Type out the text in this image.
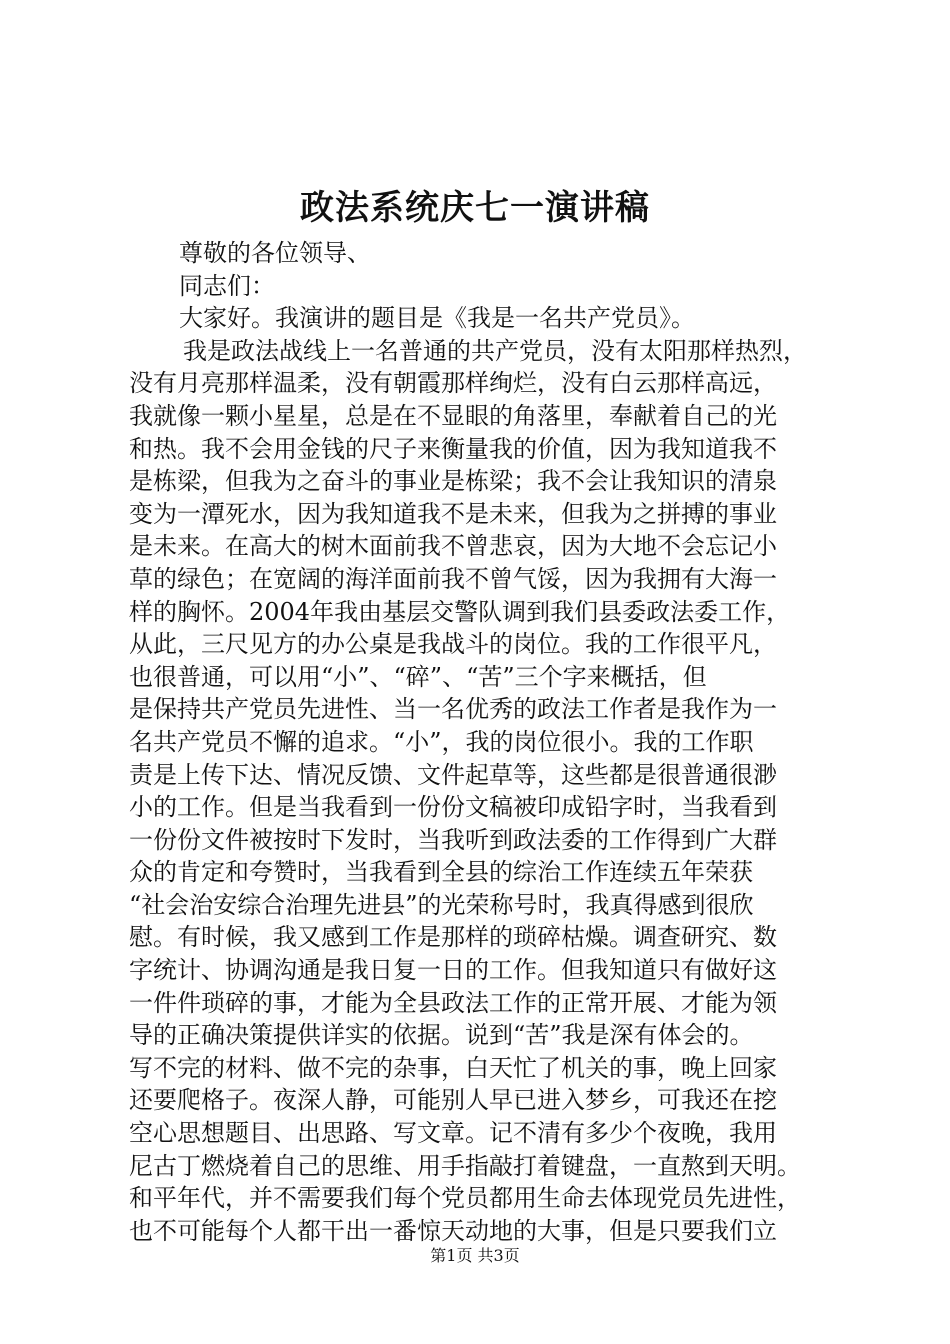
政法系统庆七一演讲稿
尊敬的各位领导、
同志们：
大家好。我演讲的题目是《我是一名共产党员》。
我是政法战线上一名普通的共产党员，没有太阳那样热烈，
没有月亮那样温柔，没有朝霞那样绚烂，没有白云那样高远，
我就像一颗小星星，总是在不显眼的角落里，奉献着自己的光
和热。我不会用金钱的尺子来衡量我的价值，因为我知道我不
是栋梁，但我为之奋斗的事业是栋梁；我不会让我知识的清泉
变为一潭死水，因为我知道我不是未来，但我为之拼搏的事业
是未来。在高大的树木面前我不曾悲哀，因为大地不会忘记小
草的绿色；在宽阔的海洋面前我不曾气馁，因为我拥有大海一
样的胸怀。2004年我由基层交警队调到我们县委政法委工作，
从此，三尺见方的办公桌是我战斗的岗位。我的工作很平凡，
也很普通，可以用“小”、“碎”、“苦”三个字来概括，但
是保持共产党员先进性、当一名优秀的政法工作者是我作为一
名共产党员不懈的追求。“小”，我的岗位很小。我的工作职
责是上传下达、情况反馈、文件起草等，这些都是很普通很渺
小的工作。但是当我看到一份份文稿被印成铅字时，当我看到
一份份文件被按时下发时，当我听到政法委的工作得到广大群
众的肯定和夸赞时，当我看到全县的综治工作连续五年荣获
“社会治安综合治理先进县”的光荣称号时，我真得感到很欣
慰。有时候，我又感到工作是那样的琐碎枯燥。调查研究、数
字统计、协调沟通是我日复一日的工作。但我知道只有做好这
一件件琐碎的事，才能为全县政法工作的正常开展、才能为领
导的正确决策提供详实的依据。说到“苦”我是深有体会的。
写不完的材料、做不完的杂事，白天忙了机关的事，晚上回家
还要爬格子。夜深人静，可能别人早已进入梦乡，可我还在挖
空心思想题目、出思路、写文章。记不清有多少个夜晚，我用
尼古丁燃烧着自己的思维、用手指敲打着键盘，一直熬到天明。
和平年代，并不需要我们每个党员都用生命去体现党员先进性，
也不可能每个人都干出一番惊天动地的大事，但是只要我们立
第1页 共3页
